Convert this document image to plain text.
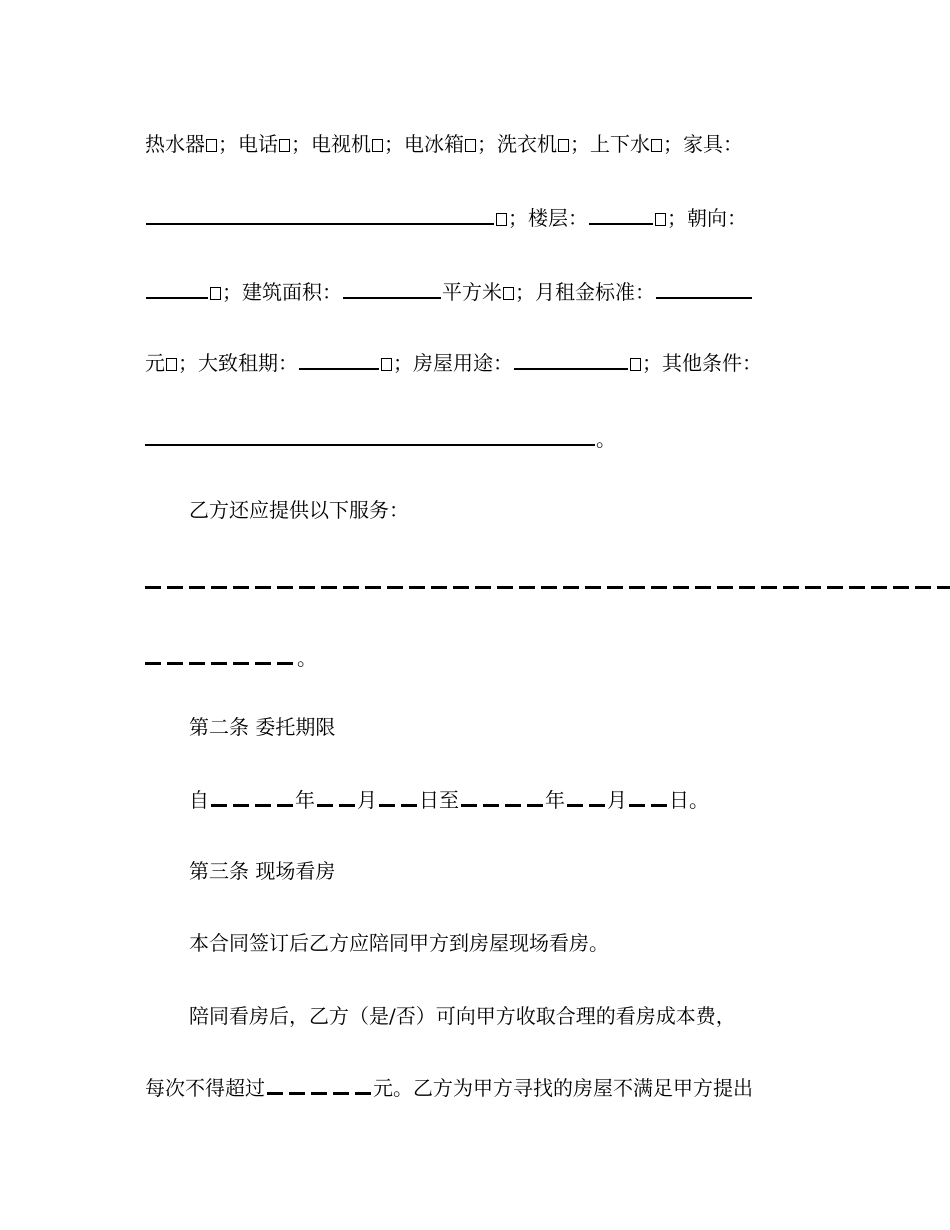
热水器 ；电话 ；电视机 ；电冰箱 ；洗衣机 ；上下水 ；家具：
；楼层：	；朝向：
；建筑面积：	平方米 ；月租金标准：
元 ；大致租期：	；房屋用途：	；其他条件：
。
乙方还应提供以下服务：
。
第二条 委托期限
自	年 月 日至	年 月 日。
第三条 现场看房
本合同签订后乙方应陪同甲方到房屋现场看房。
陪同看房后，乙方（是/否）可向甲方收取合理的看房成本费，
每次不得超过	元。乙方为甲方寻找的房屋不满足甲方提出
